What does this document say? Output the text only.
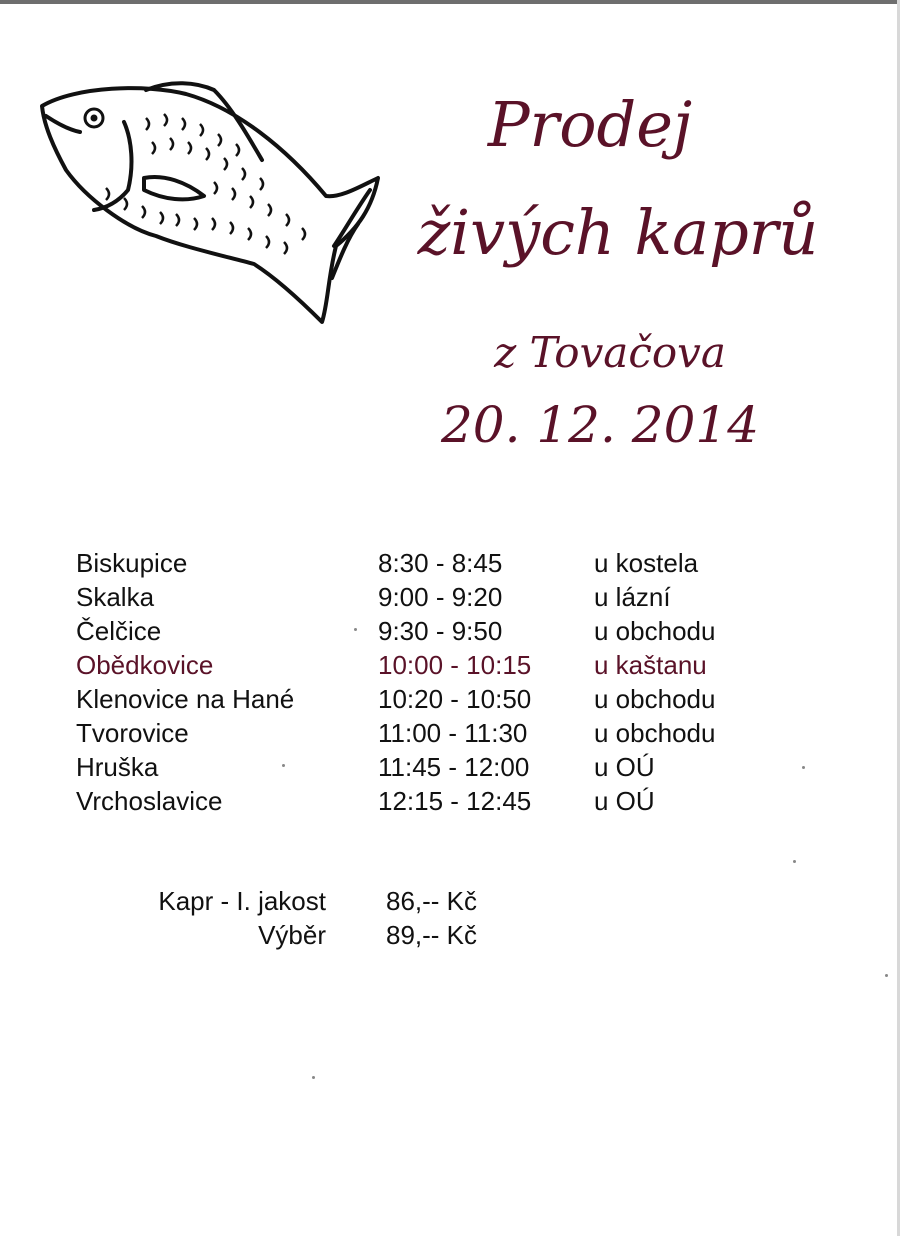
Prodej
živých kaprů
z Tovačova
20. 12. 2014
Biskupice	8:30 - 8:45	u kostela
Skalka	9:00 - 9:20	u lázní
Čelčice	9:30 - 9:50	u obchodu
Obědkovice	10:00 - 10:15 u kaštanu
Klenovice na Hané	10:20 - 10:50 u obchodu
Tvorovice	11:00 - 11:30	u obchodu
Hruška	11:45 - 12:00 u OÚ
Vrchoslavice	12:15 - 12:45 u OÚ
Kapr - I. jakost 86,-- Kč
Výběr 89,-- Kč
